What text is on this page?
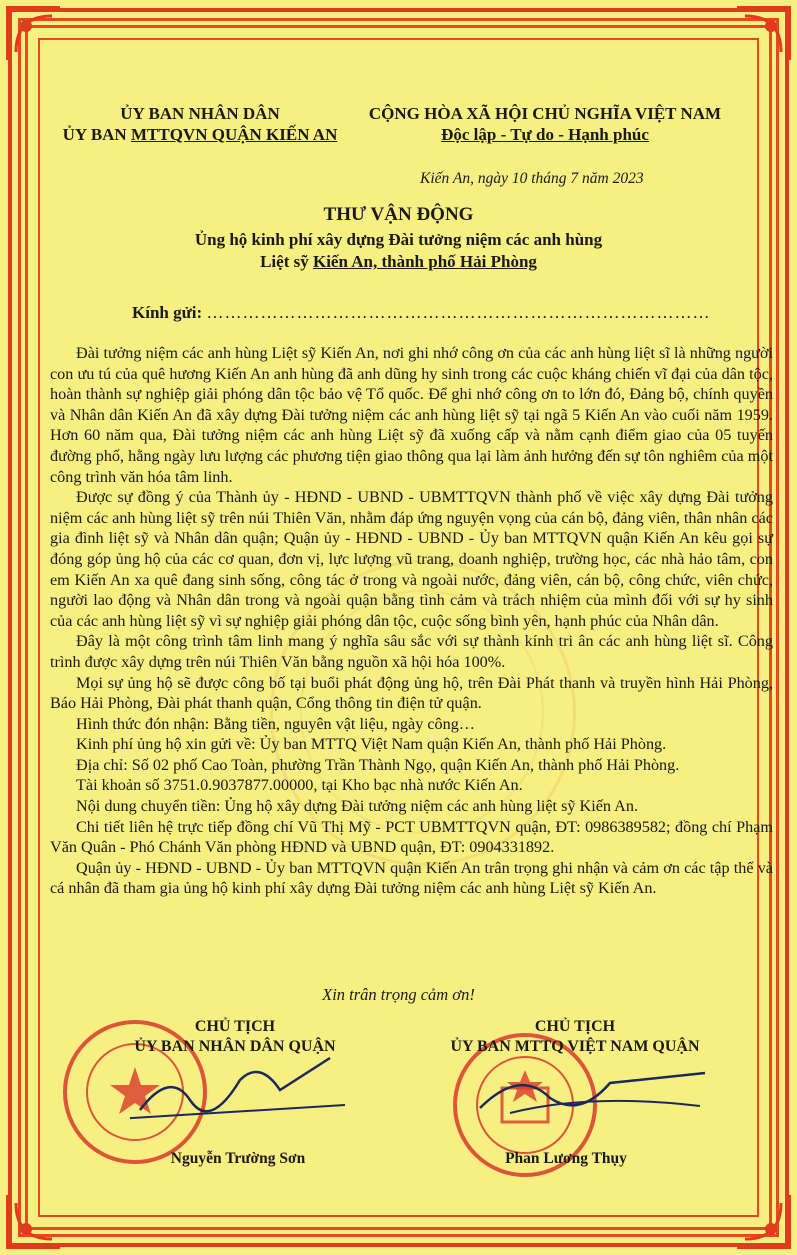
ỦY BAN NHÂN DÂN
ỦY BAN MTTQVN QUẬN KIẾN AN
CỘNG HÒA XÃ HỘI CHỦ NGHĨA VIỆT NAM
Độc lập - Tự do - Hạnh phúc
Kiến An, ngày 10 tháng 7 năm 2023
THƯ VẬN ĐỘNG
Ủng hộ kinh phí xây dựng Đài tưởng niệm các anh hùng
Liệt sỹ Kiến An, thành phố Hải Phòng
Kính gửi: …………………………………………………………………………

Đài tưởng niệm các anh hùng Liệt sỹ Kiến An, nơi ghi nhớ công ơn của các anh hùng liệt sĩ là những người con ưu tú của quê hương Kiến An anh hùng đã anh dũng hy sinh trong các cuộc kháng chiến vĩ đại của dân tộc, hoàn thành sự nghiệp giải phóng dân tộc bảo vệ Tổ quốc. Để ghi nhớ công ơn to lớn đó, Đảng bộ, chính quyền và Nhân dân Kiến An đã xây dựng Đài tưởng niệm các anh hùng liệt sỹ tại ngã 5 Kiến An vào cuối năm 1959. Hơn 60 năm qua, Đài tưởng niệm các anh hùng Liệt sỹ đã xuống cấp và nằm cạnh điểm giao của 05 tuyến đường phố, hằng ngày lưu lượng các phương tiện giao thông qua lại làm ảnh hưởng đến sự tôn nghiêm của một công trình văn hóa tâm linh.

Được sự đồng ý của Thành ủy - HĐND - UBND - UBMTTQVN thành phố về việc xây dựng Đài tưởng niệm các anh hùng liệt sỹ trên núi Thiên Văn, nhằm đáp ứng nguyện vọng của cán bộ, đảng viên, thân nhân các gia đình liệt sỹ và Nhân dân quận; Quận ủy - HĐND - UBND - Ủy ban MTTQVN quận Kiến An kêu gọi sự đóng góp ủng hộ của các cơ quan, đơn vị, lực lượng vũ trang, doanh nghiệp, trường học, các nhà hảo tâm, con em Kiến An xa quê đang sinh sống, công tác ở trong và ngoài nước, đảng viên, cán bộ, công chức, viên chức, người lao động và Nhân dân trong và ngoài quận bằng tình cảm và trách nhiệm của mình đối với sự hy sinh của các anh hùng liệt sỹ vì sự nghiệp giải phóng dân tộc, cuộc sống bình yên, hạnh phúc của Nhân dân.

Đây là một công trình tâm linh mang ý nghĩa sâu sắc với sự thành kính tri ân các anh hùng liệt sĩ. Công trình được xây dựng trên núi Thiên Văn bằng nguồn xã hội hóa 100%.

Mọi sự ủng hộ sẽ được công bố tại buổi phát động ủng hộ, trên Đài Phát thanh và truyền hình Hải Phòng, Báo Hải Phòng, Đài phát thanh quận, Cổng thông tin điện tử quận.

Hình thức đón nhận: Bằng tiền, nguyên vật liệu, ngày công…

Kinh phí ủng hộ xin gửi về: Ủy ban MTTQ Việt Nam quận Kiến An, thành phố Hải Phòng.

Địa chỉ: Số 02 phố Cao Toàn, phường Trần Thành Ngọ, quận Kiến An, thành phố Hải Phòng.

Tài khoản số 3751.0.9037877.00000, tại Kho bạc nhà nước Kiến An.

Nội dung chuyển tiền: Ủng hộ xây dựng Đài tưởng niệm các anh hùng liệt sỹ Kiến An.

Chi tiết liên hệ trực tiếp đồng chí Vũ Thị Mỹ - PCT UBMTTQVN quận, ĐT: 0986389582; đồng chí Phạm Văn Quân - Phó Chánh Văn phòng HĐND và UBND quận, ĐT: 0904331892.

Quận ủy - HĐND - UBND - Ủy ban MTTQVN quận Kiến An trân trọng ghi nhận và cảm ơn các tập thể và cá nhân đã tham gia ủng hộ kinh phí xây dựng Đài tưởng niệm các anh hùng Liệt sỹ Kiến An.

Xin trân trọng cảm ơn!
CHỦ TỊCH
ỦY BAN NHÂN DÂN QUẬN
CHỦ TỊCH
ỦY BAN MTTQ VIỆT NAM QUẬN
Nguyễn Trường Sơn	Phan Lương Thụy
